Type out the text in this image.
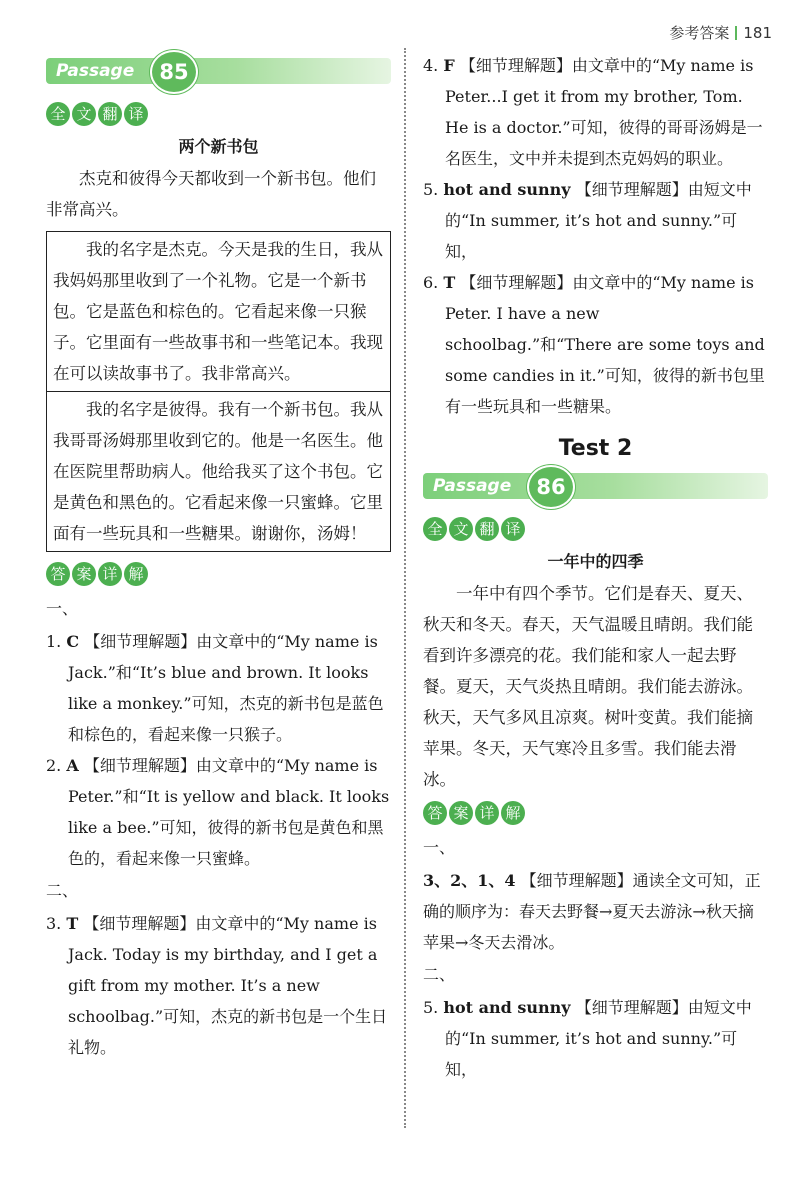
参考答案 181
Passage	85
全 文 翻 译
两个新书包

杰克和彼得今天都收到一个新书包。他们非常高兴。

我的名字是杰克。今天是我的生日，我从我妈妈那里收到了一个礼物。它是一个新书包。它是蓝色和棕色的。它看起来像一只猴子。它里面有一些故事书和一些笔记本。我现在可以读故事书了。我非常高兴。

我的名字是彼得。我有一个新书包。我从我哥哥汤姆那里收到它的。他是一名医生。他在医院里帮助病人。他给我买了这个书包。它是黄色和黑色的。它看起来像一只蜜蜂。它里面有一些玩具和一些糖果。谢谢你，汤姆！

答 案 详 解
一、

1. C 【细节理解题】由文章中的“My name is Jack.”和“It’s blue and brown. It looks like a monkey.”可知，杰克的新书包是蓝色和棕色的，看起来像一只猴子。

2. A 【细节理解题】由文章中的“My name is Peter.”和“It is yellow and black. It looks like a bee.”可知，彼得的新书包是黄色和黑色的，看起来像一只蜜蜂。

二、

3. T 【细节理解题】由文章中的“My name is Jack. Today is my birthday, and I get a gift from my mother. It’s a new schoolbag.”可知，杰克的新书包是一个生日礼物。

4. F 【细节理解题】由文章中的“My name is Peter...I get it from my brother, Tom. He is a doctor.”可知，彼得的哥哥汤姆是一名医生，文中并未提到杰克妈妈的职业。

5. hot and sunny 【细节理解题】由短文中的“In summer, it’s hot and sunny.”可知，

6. T 【细节理解题】由文章中的“My name is Peter. I have a new schoolbag.”和“There are some toys and some candies in it.”可知，彼得的新书包里有一些玩具和一些糖果。

Test 2
Passage	86
全 文 翻 译
一年中的四季

一年中有四个季节。它们是春天、夏天、秋天和冬天。春天，天气温暖且晴朗。我们能看到许多漂亮的花。我们能和家人一起去野餐。夏天，天气炎热且晴朗。我们能去游泳。秋天，天气多风且凉爽。树叶变黄。我们能摘苹果。冬天，天气寒冷且多雪。我们能去滑冰。

答 案 详 解
一、

3、2、1、4 【细节理解题】通读全文可知，正确的顺序为：春天去野餐→夏天去游泳→秋天摘苹果→冬天去滑冰。

二、

5. hot and sunny 【细节理解题】由短文中的“In summer, it’s hot and sunny.”可知，
